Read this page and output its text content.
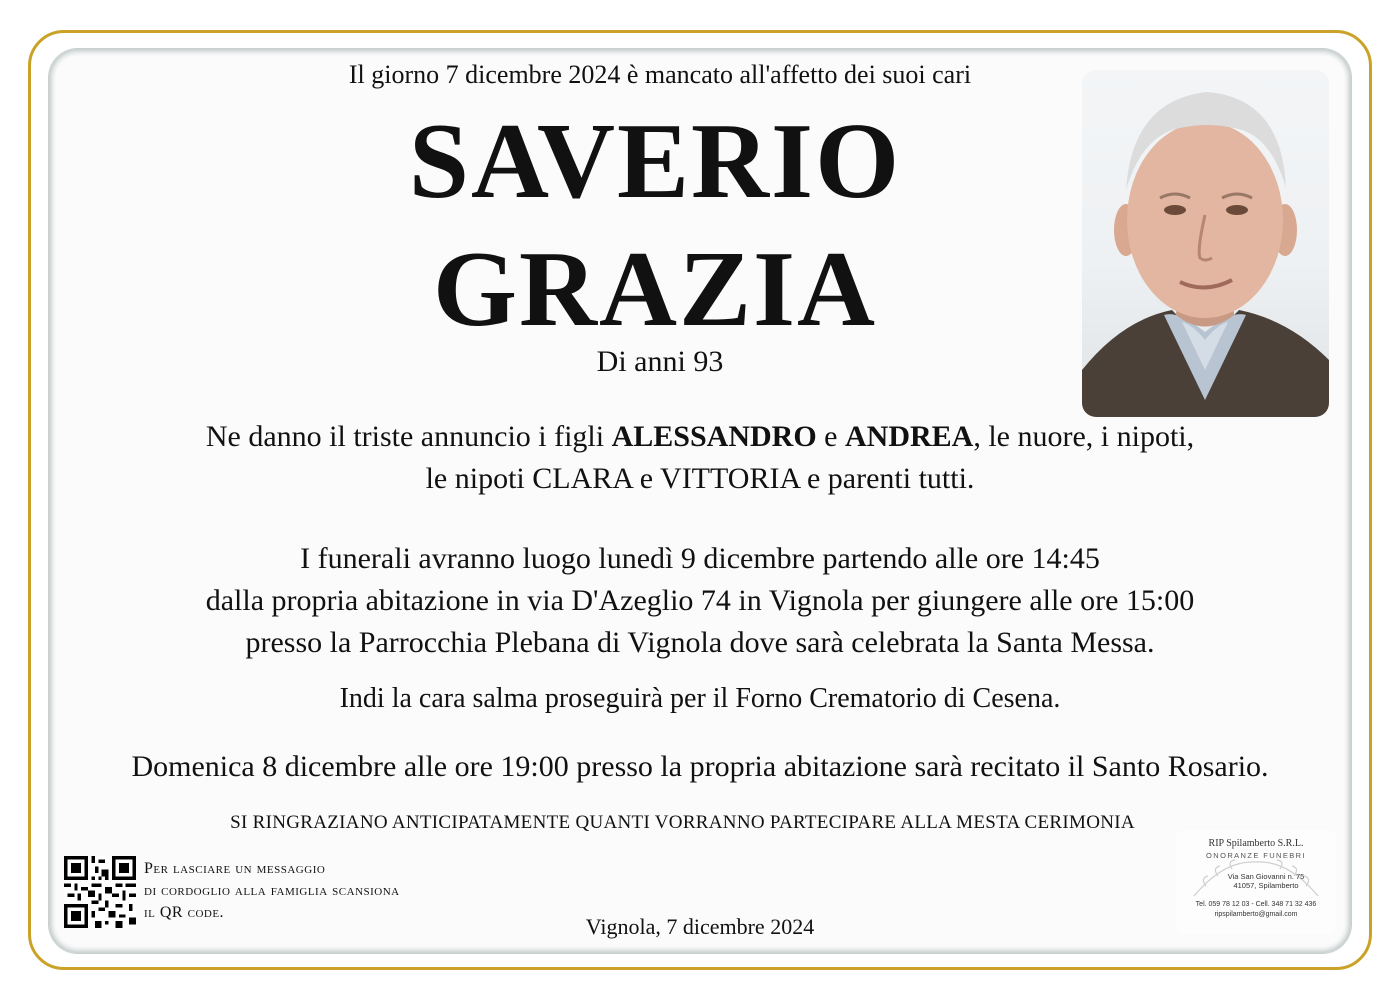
Il giorno 7 dicembre 2024 è mancato all'affetto dei suoi cari
SAVERIO
GRAZIA
Di anni 93
Ne danno il triste annuncio i figli ALESSANDRO e ANDREA, le nuore, i nipoti,
le nipoti CLARA e VITTORIA e parenti tutti.
I funerali avranno luogo lunedì 9 dicembre partendo alle ore 14:45
dalla propria abitazione in via D'Azeglio 74 in Vignola per giungere alle ore 15:00
presso la Parrocchia Plebana di Vignola dove sarà celebrata la Santa Messa.
Indi la cara salma proseguirà per il Forno Crematorio di Cesena.
Domenica 8 dicembre alle ore 19:00 presso la propria abitazione sarà recitato il Santo Rosario.
SI RINGRAZIANO ANTICIPATAMENTE QUANTI VORRANNO PARTECIPARE ALLA MESTA CERIMONIA
Per lasciare un messaggio
di cordoglio alla famiglia scansiona
il QR code.
Vignola, 7 dicembre 2024
RIP Spilamberto S.R.L.
ONORANZE FUNEBRI
Via San Giovanni n. 75
41057, Spilamberto
Tel. 059 78 12 03 - Cell. 348 71 32 436
ripspilamberto@gmail.com
